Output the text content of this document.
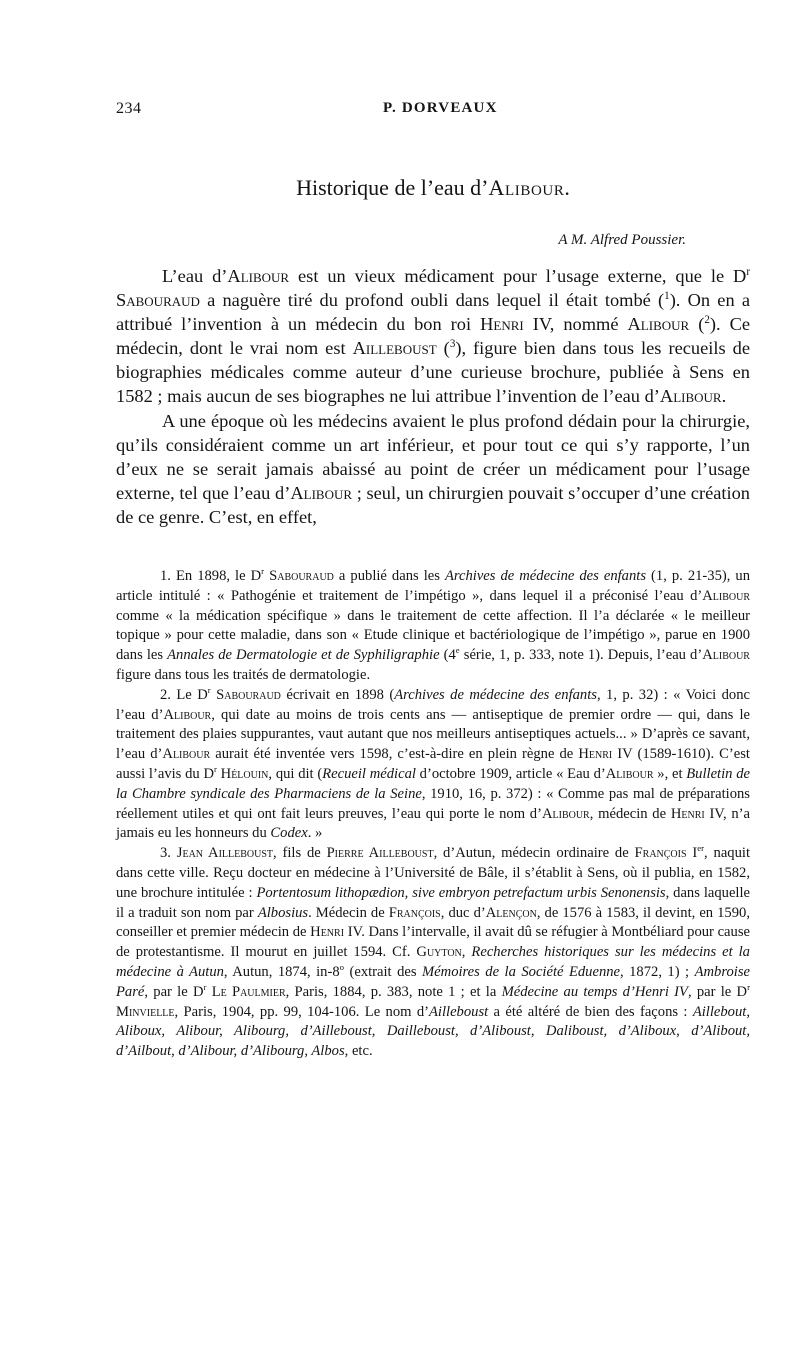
234	P. DORVEAUX
Historique de l’eau d’Alibour.
A M. Alfred Poussier.

L’eau d’Alibour est un vieux médicament pour l’usage externe, que le $D^r$ Sabouraud a naguère tiré du profond oubli dans lequel il était tombé ($^1$). On en a attribué l’invention à un médecin du bon roi Henri IV, nommé Alibour ($^2$). Ce médecin, dont le vrai nom est Ailleboust ($^3$), figure bien dans tous les recueils de biographies médicales comme auteur d’une curieuse brochure, publiée à Sens en 1582 ; mais aucun de ses biographes ne lui attribue l’invention de l’eau d’Alibour.

A une époque où les médecins avaient le plus profond dédain pour la chirurgie, qu’ils considéraient comme un art inférieur, et pour tout ce qui s’y rapporte, l’un d’eux ne se serait jamais abaissé au point de créer un médicament pour l’usage externe, tel que l’eau d’Alibour ; seul, un chirurgien pouvait s’occuper d’une création de ce genre. C’est, en effet,

1. En 1898, le $D^r$ Sabouraud a publié dans les Archives de médecine des enfants (1, p. 21-35), un article intitulé : « Pathogénie et traitement de l’impétigo », dans lequel il a préconisé l’eau d’Alibour comme « la médication spécifique » dans le traitement de cette affection. Il l’a déclarée « le meilleur topique » pour cette maladie, dans son « Etude clinique et bactériologique de l’impétigo », parue en 1900 dans les Annales de Dermatologie et de Syphiligraphie (4e série, 1, p. 333, note 1). Depuis, l’eau d’Alibour figure dans tous les traités de dermatologie.

2. Le $D^r$ Sabouraud écrivait en 1898 (Archives de médecine des enfants, 1, p. 32) : « Voici donc l’eau d’Alibour, qui date au moins de trois cents ans — antiseptique de premier ordre — qui, dans le traitement des plaies suppurantes, vaut autant que nos meilleurs antiseptiques actuels... » D’après ce savant, l’eau d’Alibour aurait été inventée vers 1598, c’est-à-dire en plein règne de Henri IV (1589-1610). C’est aussi l’avis du $D^r$ Hélouin, qui dit (Recueil médical d’octobre 1909, article « Eau d’Alibour », et Bulletin de la Chambre syndicale des Pharmaciens de la Seine, 1910, 16, p. 372) : « Comme pas mal de préparations réellement utiles et qui ont fait leurs preuves, l’eau qui porte le nom d’Alibour, médecin de Henri IV, n’a jamais eu les honneurs du Codex. »

3. Jean Ailleboust, fils de Pierre Ailleboust, d’Autun, médecin ordinaire de François Ier, naquit dans cette ville. Reçu docteur en médecine à l’Université de Bâle, il s’établit à Sens, où il publia, en 1582, une brochure intitulée : Portentosum lithopædion, sive embryon petrefactum urbis Senonensis, dans laquelle il a traduit son nom par Albosius. Médecin de François, duc d’Alençon, de 1576 à 1583, il devint, en 1590, conseiller et premier médecin de Henri IV. Dans l’intervalle, il avait dû se réfugier à Montbéliard pour cause de protestantisme. Il mourut en juillet 1594. Cf. Guyton, Recherches historiques sur les médecins et la médecine à Autun, Autun, 1874, in-8$^o$ (extrait des Mémoires de la Société Eduenne, 1872, 1) ; Ambroise Paré, par le $D^r$ Le Paulmier, Paris, 1884, p. 383, note 1 ; et la Médecine au temps d’Henri IV, par le $D^r$ Minvielle, Paris, 1904, pp. 99, 104-106. Le nom d’Ailleboust a été altéré de bien des façons : Aillebout, Aliboux, Alibour, Alibourg, d’Ailleboust, Dailleboust, d’Aliboust, Daliboust, d’Aliboux, d’Alibout, d’Ailbout, d’Alibour, d’Alibourg, Albos, etc.
